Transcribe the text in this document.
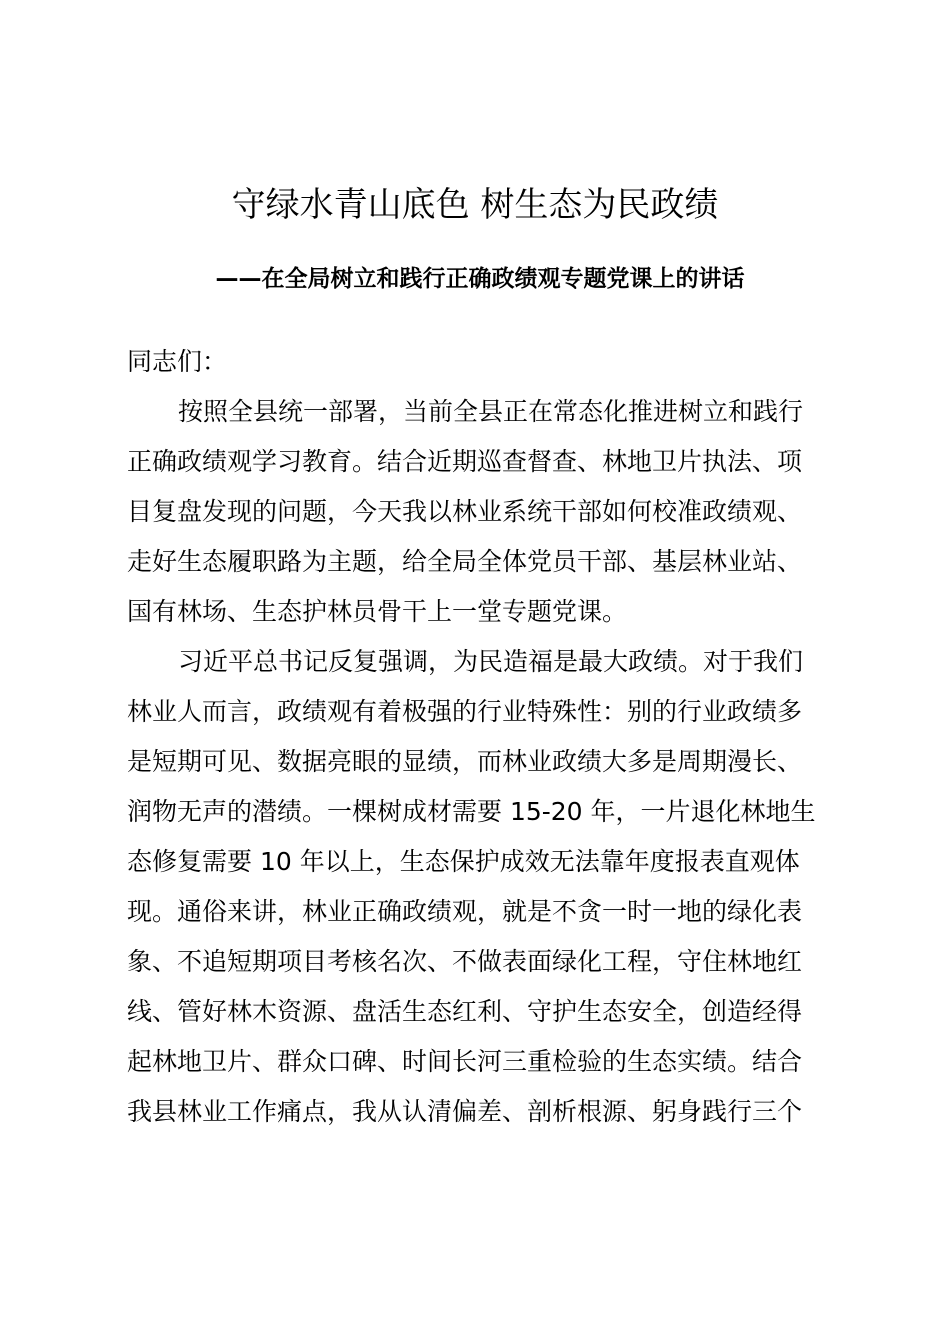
守绿水青山底色 树生态为民政绩
——在全局树立和践行正确政绩观专题党课上的讲话
同志们：
按照全县统一部署，当前全县正在常态化推进树立和践行
正确政绩观学习教育。结合近期巡查督查、林地卫片执法、项
目复盘发现的问题，今天我以林业系统干部如何校准政绩观、
走好生态履职路为主题，给全局全体党员干部、基层林业站、
国有林场、生态护林员骨干上一堂专题党课。
习近平总书记反复强调，为民造福是最大政绩。对于我们
林业人而言，政绩观有着极强的行业特殊性：别的行业政绩多
是短期可见、数据亮眼的显绩，而林业政绩大多是周期漫长、
润物无声的潜绩。一棵树成材需要 15-20 年，一片退化林地生
态修复需要 10 年以上，生态保护成效无法靠年度报表直观体
现。通俗来讲，林业正确政绩观，就是不贪一时一地的绿化表
象、不追短期项目考核名次、不做表面绿化工程，守住林地红
线、管好林木资源、盘活生态红利、守护生态安全，创造经得
起林地卫片、群众口碑、时间长河三重检验的生态实绩。结合
我县林业工作痛点，我从认清偏差、剖析根源、躬身践行三个
